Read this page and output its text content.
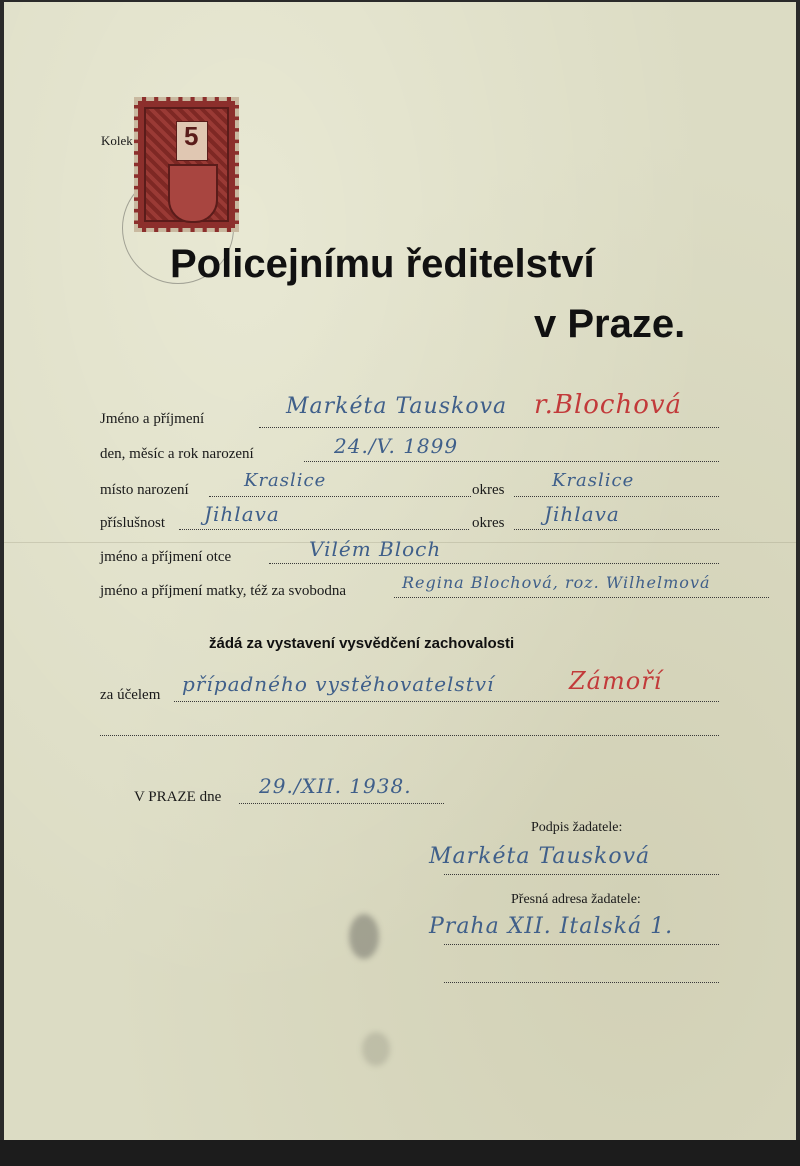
Kolek 5
Policejnímu ředitelství
v Praze.
Jméno a příjmení	Markéta Tauskova r.Blochová
den, měsíc a rok narození	24./V. 1899
místo narození	Kraslice	okres	Kraslice
příslušnost Jihlava	okres Jihlava
jméno a příjmení otce	Vilém Bloch
jméno a příjmení matky, též za svobodna	Regina Blochová, roz. Wilhelmová
žádá za vystavení vysvědčení zachovalosti
za účelem případného vystěhovatelství	Zámoří
V PRAZE dne 29./XII. 1938.
Podpis žadatele:
Markéta Tausková
Přesná adresa žadatele:
Praha XII. Italská 1.
